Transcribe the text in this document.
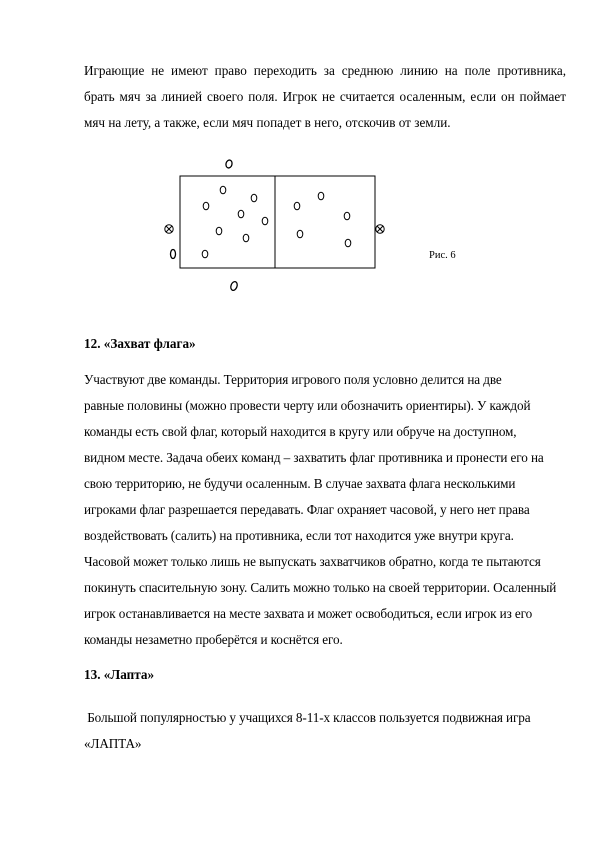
Играющие не имеют право переходить за среднюю линию на поле противника,
брать мяч за линией своего поля. Игрок не считается осаленным, если он поймает
мяч на лету, а также, если мяч попадет в него, отскочив от земли.
Рис. 6
12. «Захват флага»
Участвуют две команды. Территория игрового поля условно делится на две
равные половины (можно провести черту или обозначить ориентиры). У каждой
команды есть свой флаг, который находится в кругу или обруче на доступном,
видном месте. Задача обеих команд – захватить флаг противника и пронести его на
свою территорию, не будучи осаленным. В случае захвата флага несколькими
игроками флаг разрешается передавать. Флаг охраняет часовой, у него нет права
воздействовать (салить) на противника, если тот находится уже внутри круга.
Часовой может только лишь не выпускать захватчиков обратно, когда те пытаются
покинуть спасительную зону. Салить можно только на своей территории. Осаленный
игрок останавливается на месте захвата и может освободиться, если игрок из его
команды незаметно проберётся и коснётся его.
13. «Лапта»
Большой популярностью у учащихся 8-11-х классов пользуется подвижная игра
«ЛАПТА»
